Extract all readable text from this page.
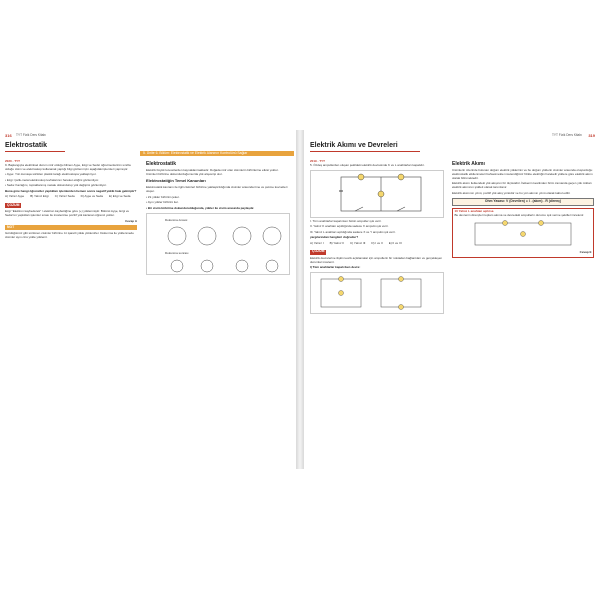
316 TYT Fizik Ders Kitabı
Elektrostatik
5. Ünite 6. Bölüm: Elektrostatik ve Elektrik Alanının Kontrolünü Sağlar
2020 - TYT

9. Başlangıçta elektriksel durum nötr olduğu bilinen Ayşe, Ezgi ve Sedaʼ öğretmenlerinin sınıfta olduğu cisim ve elektroskop kullanarak yaptığı bilgi gözlemi için aşağıdaki işlemleri yapmıştır.

• Ayşe: Yün kumaşa sürtülen plastik tarağı elektroskopa yaklaştırıyor.

• Ezgi: Çelik-metal elektroskop levhalarının hareket ettiğini gözlemliyor.

• Seda: Kazağını, topraklanmış metale dokundurup yük değişimi gözlemliyor.

Buna göre hangi öğrenciler yaptıkları işlemlerden hemen sonra negatif yüklü hale gelmiştir?

A) Yalnız Ayşe B) Yalnız Ezgi C) Yalnız Seda D) Ayşe ve Seda E) Ezgi ve Seda
ÇÖZÜM

Ezgi "Elektron kaybederek" / elektron kaybettiğine göre (+) yüklenmiştir. Bütünü Ayşe, Ezgi ve Seda'nın yaptıkları işlemler sırası ile incelenirse pozitif yük kazanan öğrenci yoktur.

Cevap A
NOT

Gördüğümüz gibi sürtünen cisimler birbirine zıt işaretli yükle yüklenirler. Dokunma ile yüklenmede cisimler aynı cins yükle yüklenir.

Elektrostatik

Elektrik büyük kuvvetlerden kaynaklanmaktadır. Doğada nötr olan cisimlerin birbirlerine etkisi yoktur. Cisimleri birbirine dokundurduğumuzda yük alışverişi olur.

Elektrostatiğin Temel Kanunları

Elektrostatik kavramı ile ilgili cisimleri birbirine yaklaştırıldığında cisimler arasında itme ve çekme kuvvetleri oluşur.

• Zıt yükler birbirini çeker.

• Aynı yükler birbirini iter.

• Bir cisim birbirine dokundurulduğunda, yükler ile cisim arasında paylaşılır.

Dokunma öncesi
Dokunma sonrası
TYT Fizik Ders Kitabı 319
Elektrik Akımı ve Devreleri
2019 - TYT

5. Özdeş ampullerden oluşan şekildeki elektrik devresinde K ve L anahtarları kapalıdır.

I. Tüm anahtarlar kapalı iken bütün ampuller ışık verir.

II. Yalnız K anahtarı açıldığında sadece X ampulü ışık verir.

III. Yalnız L anahtarı açıldığında sadece X ve Y ampulü ışık verir.

yargılarından hangileri doğrudur?

A) Yalnız I B) Yalnız II C) Yalnız III D) I ve II E) II ve III
ÇÖZÜM

Elektrik devrelerine ilişkin teorik açıklamalar için ampullerin bir noktadan bağlantıları ve gerçekleşen durumlar incelenir.

I) Tüm anahtarlar kapalı iken devre:

Elektrik Akımı

Cisimlerin üzerinde bulunan doğum elektrik yüklerinin ve bu doğum yüklerin cisimler arasında oluşturduğu elektrostatik etkilenmeleri bahsetmekte incelendiğimiz fizikte elektriğin hareketli yüklere göre elektrik akımı olarak bilinmektedir.

Elektrik akımı iletkendeki yük akışının bir ölçüsüdür. İletkenin kesitinden birim zamanda geçen yük miktarı elektrik akımının şiddeti olarak tanımlanır.

Elektrik akımının yönü, pozitif yük akış yönüdür ve bu yön akımın yönü olarak kabul edilir.

Ohm Yasası: V (Devrilen) = I . (akım) . R (direnç)
10 Yalnız L anahtarı açılırsa

Bu devrenin dirençleri toplam akıma ve devredeki ampullerin durumu ışık verme şekilleri incelenir.

Cevap E
